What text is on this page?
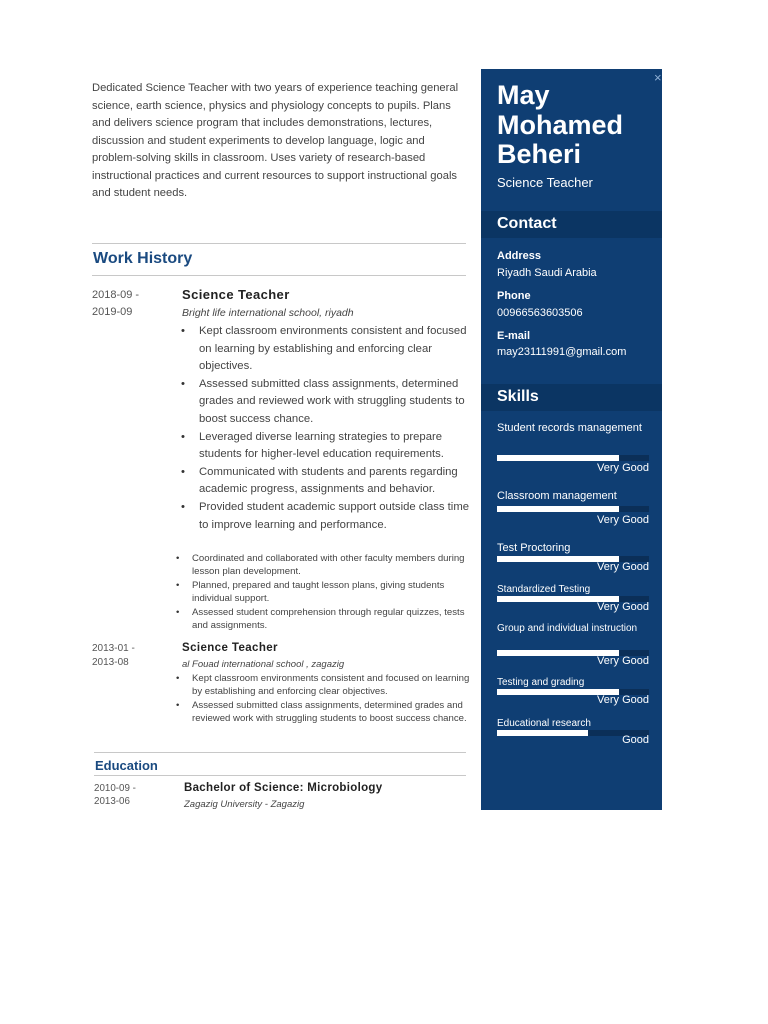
Dedicated Science Teacher with two years of experience teaching general science, earth science, physics and physiology concepts to pupils. Plans and delivers science program that includes demonstrations, lectures, discussion and student experiments to develop language, logic and problem-solving skills in classroom. Uses variety of research-based instructional practices and current resources to support instructional goals and student needs.
Work History
2018-09 -
2019-09
Science Teacher
Bright life international school, riyadh
• Kept classroom environments consistent and focused on learning by establishing and enforcing clear objectives.
• Assessed submitted class assignments, determined grades and reviewed work with struggling students to boost success chance.
• Leveraged diverse learning strategies to prepare students for higher-level education requirements.
• Communicated with students and parents regarding academic progress, assignments and behavior.
• Provided student academic support outside class time to improve learning and performance.
• Coordinated and collaborated with other faculty members during lesson plan development.
• Planned, prepared and taught lesson plans, giving students individual support.
• Assessed student comprehension through regular quizzes, tests and assignments.
2013-01 -
2013-08
Science Teacher
al Fouad international school , zagazig
• Kept classroom environments consistent and focused on learning by establishing and enforcing clear objectives.
• Assessed submitted class assignments, determined grades and reviewed work with struggling students to boost success chance.
Education
2010-09 -
2013-06
Bachelor of Science: Microbiology
Zagazig University - Zagazig
May
Mohamed
Beheri
Science Teacher
Contact
Address
Riyadh Saudi Arabia
Phone
00966563603506
E-mail
may23111991@gmail.com
Skills
Student records management
Very Good
Classroom management
Very Good
Test Proctoring
Very Good
Standardized Testing
Very Good
Group and individual instruction
Very Good
Testing and grading
Very Good
Educational research
Good
×
